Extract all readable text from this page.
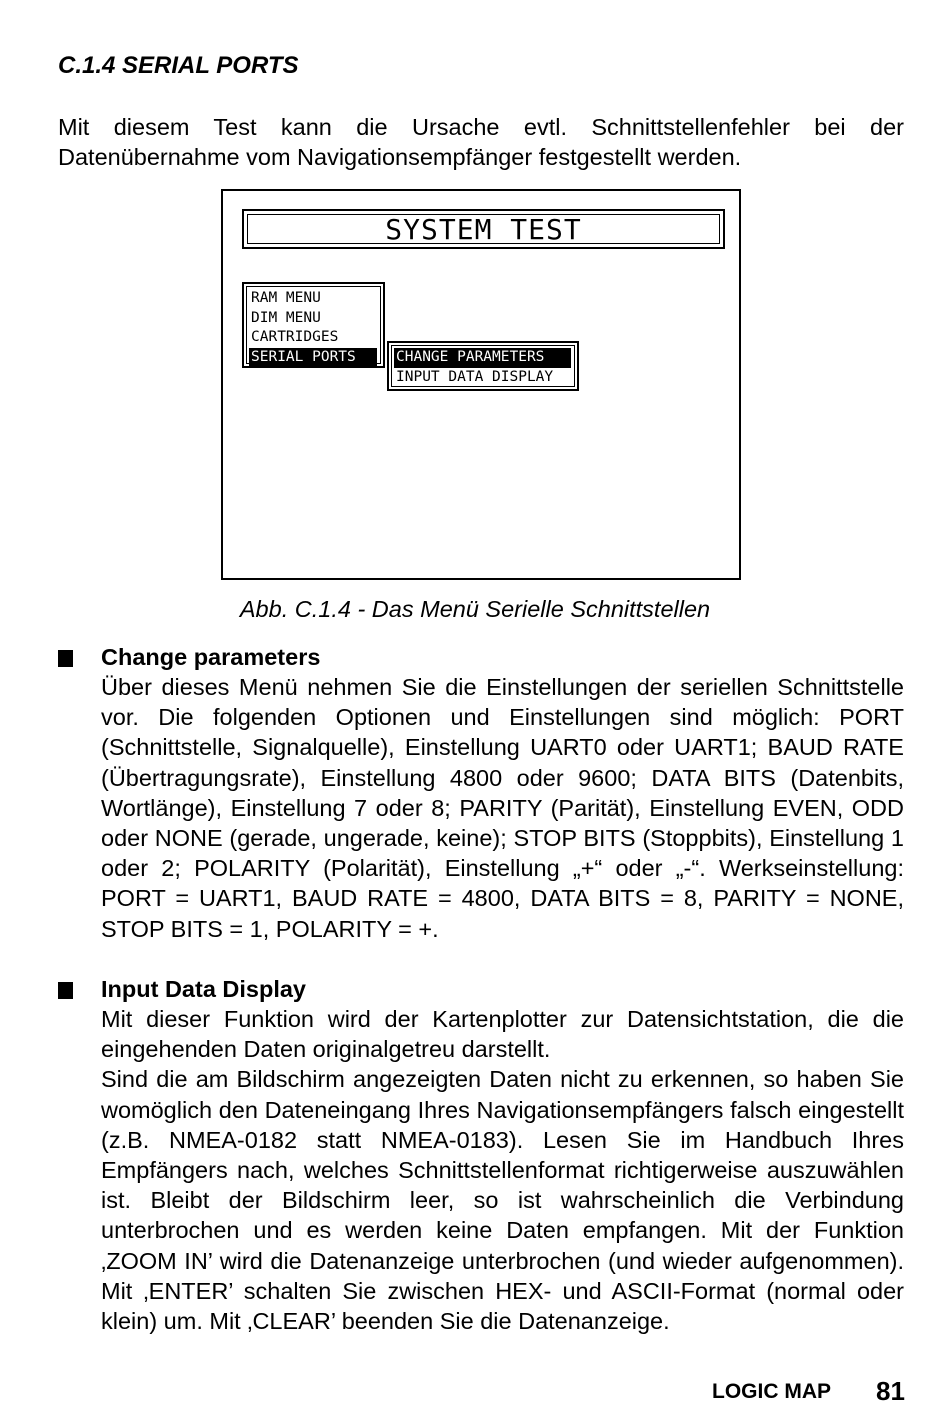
C.1.4 SERIAL PORTS
Mit diesem Test kann die Ursache evtl. Schnittstellenfehler bei der Datenübernahme vom Navigationsempfänger festgestellt werden.
SYSTEM TEST
RAM MENU
DIM MENU
CARTRIDGES
SERIAL PORTS	CHANGE PARAMETERS
INPUT DATA DISPLAY
Abb. C.1.4 - Das Menü Serielle Schnittstellen
Change parameters

Über dieses Menü nehmen Sie die Einstellungen der seriellen Schnittstelle vor. Die folgenden Optionen und Einstellungen sind möglich: PORT (Schnittstelle, Signalquelle), Einstellung UART0 oder UART1; BAUD RATE (Übertragungsrate), Einstellung 4800 oder 9600; DATA BITS (Datenbits, Wortlänge), Einstellung 7 oder 8; PARITY (Parität), Einstellung EVEN, ODD oder NONE (gerade, ungerade, keine); STOP BITS (Stoppbits), Einstellung 1 oder 2; POLARITY (Polarität), Einstellung „+“ oder „-“. Werkseinstellung: PORT = UART1, BAUD RATE = 4800, DATA BITS = 8, PARITY = NONE, STOP BITS = 1, POLARITY = +.

Input Data Display

Mit dieser Funktion wird der Kartenplotter zur Datensichtstation, die die eingehenden Daten originalgetreu darstellt.

Sind die am Bildschirm angezeigten Daten nicht zu erkennen, so haben Sie womöglich den Dateneingang Ihres Navigationsempfängers falsch eingestellt (z.B. NMEA-0182 statt NMEA-0183). Lesen Sie im Handbuch Ihres Empfängers nach, welches Schnittstellenformat richtigerweise auszuwählen ist. Bleibt der Bildschirm leer, so ist wahrscheinlich die Verbindung unterbrochen und es werden keine Daten empfangen. Mit der Funktion ‚ZOOM IN’ wird die Datenanzeige unterbrochen (und wieder aufgenommen). Mit ‚ENTER’ schalten Sie zwischen HEX- und ASCII-Format (normal oder klein) um. Mit ‚CLEAR’ beenden Sie die Datenanzeige.

LOGIC MAP 81
